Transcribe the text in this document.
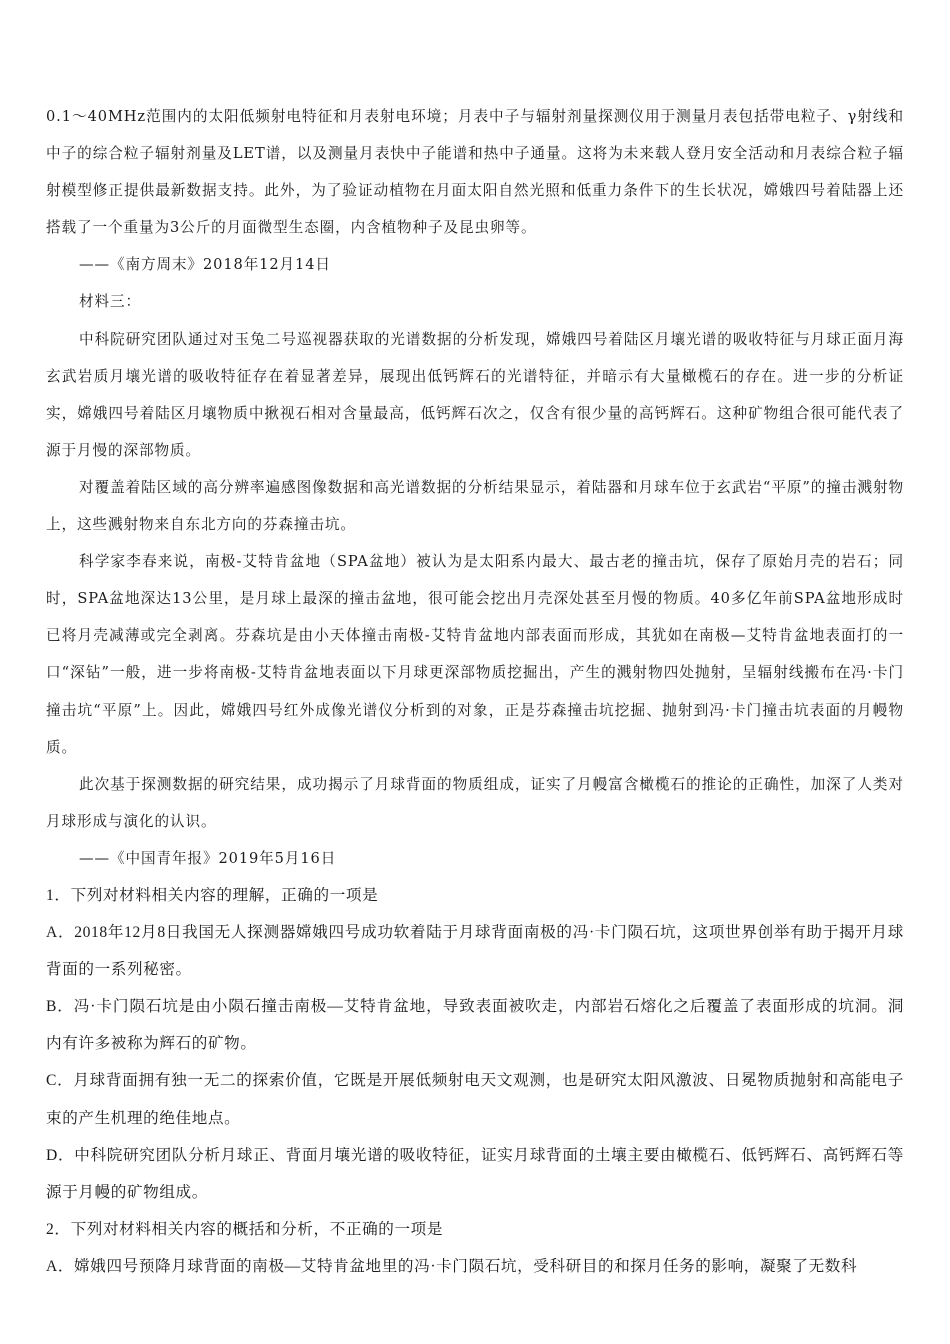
0.1～40MHz范围内的太阳低频射电特征和月表射电环境；月表中子与辐射剂量探测仪用于测量月表包括带电粒子、γ射线和中子的综合粒子辐射剂量及LET谱，以及测量月表快中子能谱和热中子通量。这将为未来载人登月安全活动和月表综合粒子辐射模型修正提供最新数据支持。此外，为了验证动植物在月面太阳自然光照和低重力条件下的生长状况，嫦娥四号着陆器上还搭载了一个重量为3公斤的月面微型生态圈，内含植物种子及昆虫卵等。

——《南方周末》2018年12月14日

材料三：

中科院研究团队通过对玉兔二号巡视器获取的光谱数据的分析发现，嫦娥四号着陆区月壤光谱的吸收特征与月球正面月海玄武岩质月壤光谱的吸收特征存在着显著差异，展现出低钙辉石的光谱特征，并暗示有大量橄榄石的存在。进一步的分析证实，嫦娥四号着陆区月壤物质中揪视石相对含量最高，低钙辉石次之，仅含有很少量的高钙辉石。这种矿物组合很可能代表了源于月慢的深部物质。

对覆盖着陆区域的高分辨率遍感图像数据和高光谱数据的分析结果显示，着陆器和月球车位于玄武岩“平原”的撞击溅射物上，这些溅射物来自东北方向的芬森撞击坑。

科学家李春来说，南极-艾特肯盆地（SPA盆地）被认为是太阳系内最大、最古老的撞击坑，保存了原始月壳的岩石；同时，SPA盆地深达13公里，是月球上最深的撞击盆地，很可能会挖出月壳深处甚至月慢的物质。40多亿年前SPA盆地形成时已将月壳减薄或完全剥离。芬森坑是由小天体撞击南极-艾特肯盆地内部表面而形成，其犹如在南极—艾特肯盆地表面打的一口“深钻”一般，进一步将南极-艾特肯盆地表面以下月球更深部物质挖掘出，产生的溅射物四处抛射，呈辐射线搬布在冯·卡门撞击坑“平原”上。因此，嫦娥四号红外成像光谱仪分析到的对象，正是芬森撞击坑挖掘、抛射到冯·卡门撞击坑表面的月幔物质。

此次基于探测数据的研究结果，成功揭示了月球背面的物质组成，证实了月幔富含橄榄石的推论的正确性，加深了人类对月球形成与演化的认识。

——《中国青年报》2019年5月16日

1．下列对材料相关内容的理解，正确的一项是

A．2018年12月8日我国无人探测器嫦娥四号成功软着陆于月球背面南极的冯·卡门陨石坑，这项世界创举有助于揭开月球背面的一系列秘密。

B．冯·卡门陨石坑是由小陨石撞击南极—艾特肯盆地，导致表面被吹走，内部岩石熔化之后覆盖了表面形成的坑洞。洞内有许多被称为辉石的矿物。

C．月球背面拥有独一无二的探索价值，它既是开展低频射电天文观测，也是研究太阳风激波、日冕物质抛射和高能电子束的产生机理的绝佳地点。

D．中科院研究团队分析月球正、背面月壤光谱的吸收特征，证实月球背面的土壤主要由橄榄石、低钙辉石、高钙辉石等源于月幔的矿物组成。

2．下列对材料相关内容的概括和分析，不正确的一项是

A．嫦娥四号预降月球背面的南极—艾特肯盆地里的冯·卡门陨石坑，受科研目的和探月任务的影响，凝聚了无数科
